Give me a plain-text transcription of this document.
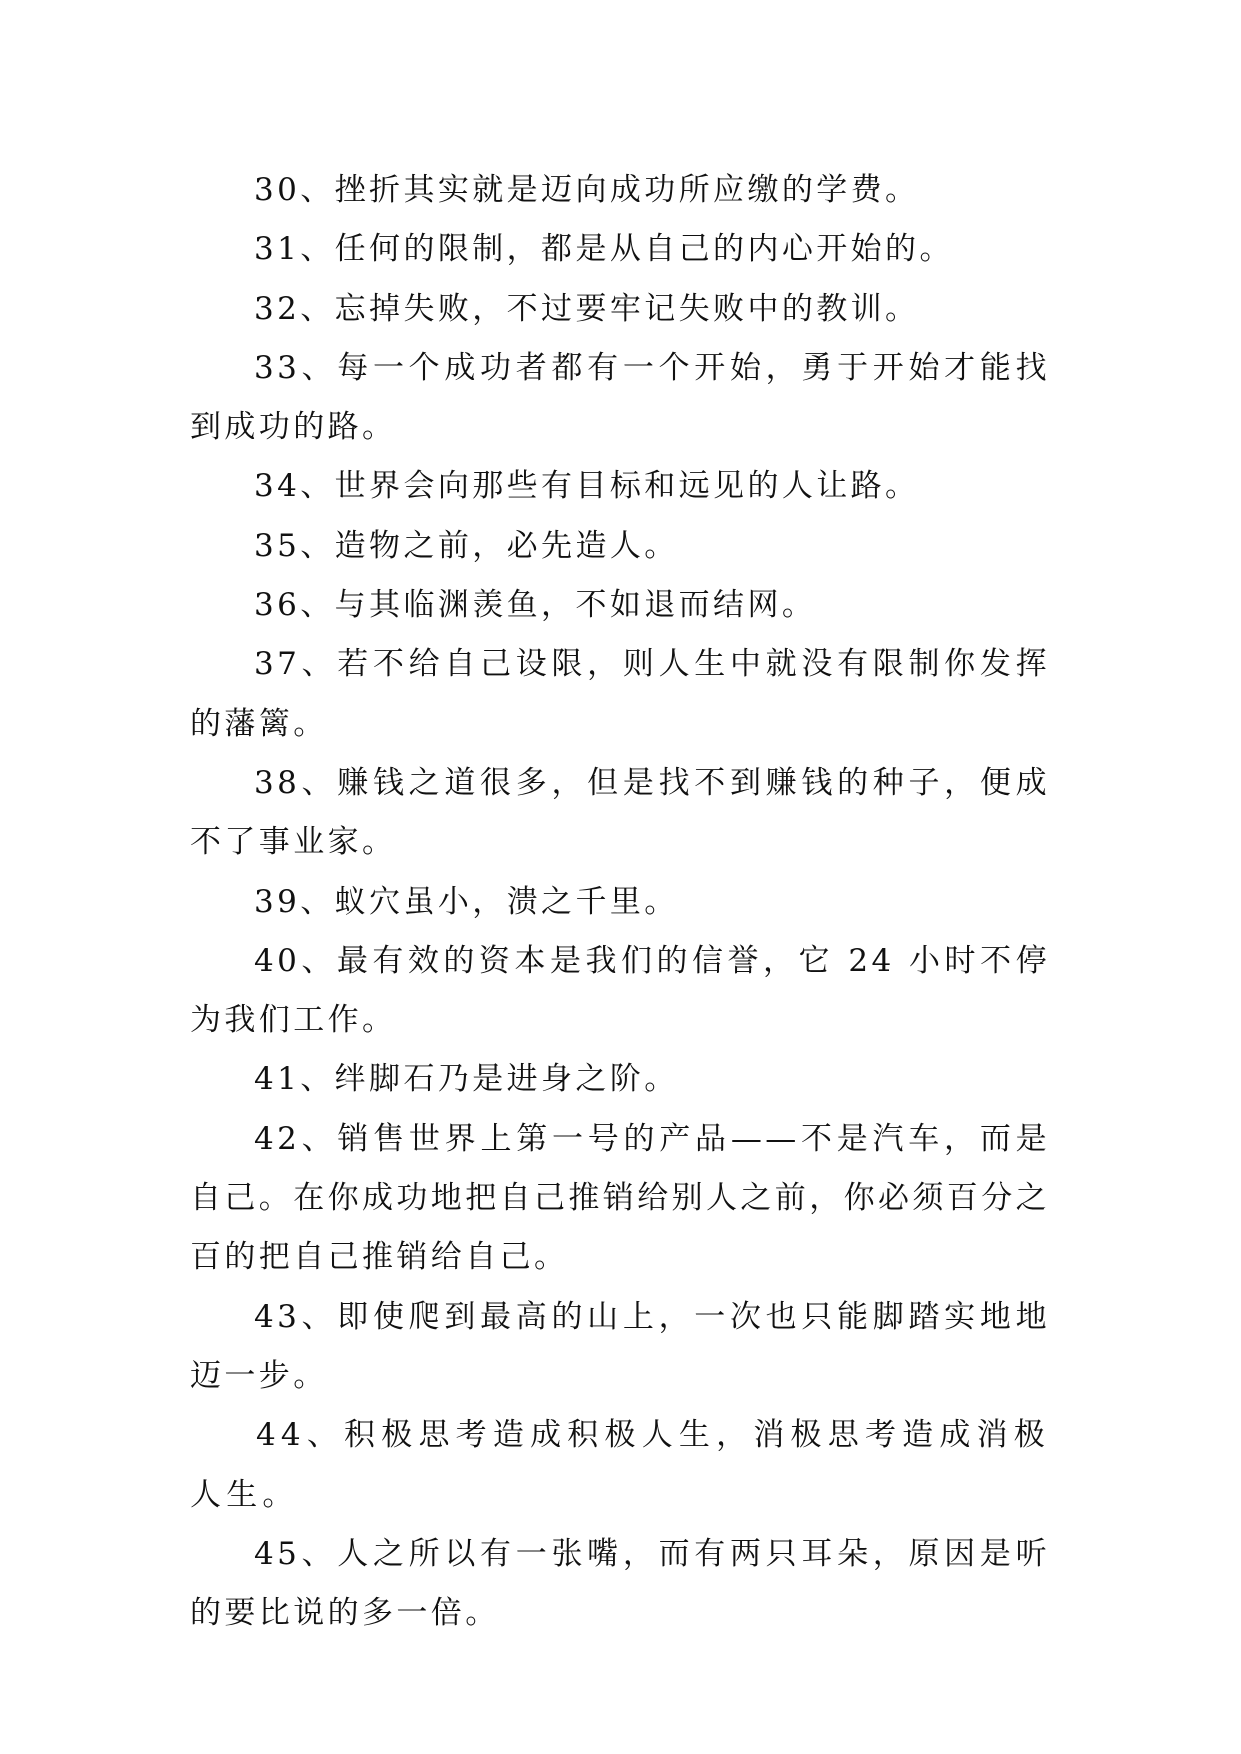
30、挫折其实就是迈向成功所应缴的学费。

31、任何的限制，都是从自己的内心开始的。

32、忘掉失败，不过要牢记失败中的教训。

33、每一个成功者都有一个开始，勇于开始才能找到成功的路。

34、世界会向那些有目标和远见的人让路。

35、造物之前，必先造人。

36、与其临渊羡鱼，不如退而结网。

37、若不给自己设限，则人生中就没有限制你发挥的藩篱。

38、赚钱之道很多，但是找不到赚钱的种子，便成不了事业家。

39、蚁穴虽小，溃之千里。

40、最有效的资本是我们的信誉，它 24 小时不停为我们工作。

41、绊脚石乃是进身之阶。

42、销售世界上第一号的产品——不是汽车，而是自己。在你成功地把自己推销给别人之前，你必须百分之百的把自己推销给自己。

43、即使爬到最高的山上，一次也只能脚踏实地地迈一步。

44、积极思考造成积极人生，消极思考造成消极人生。

45、人之所以有一张嘴，而有两只耳朵，原因是听的要比说的多一倍。
